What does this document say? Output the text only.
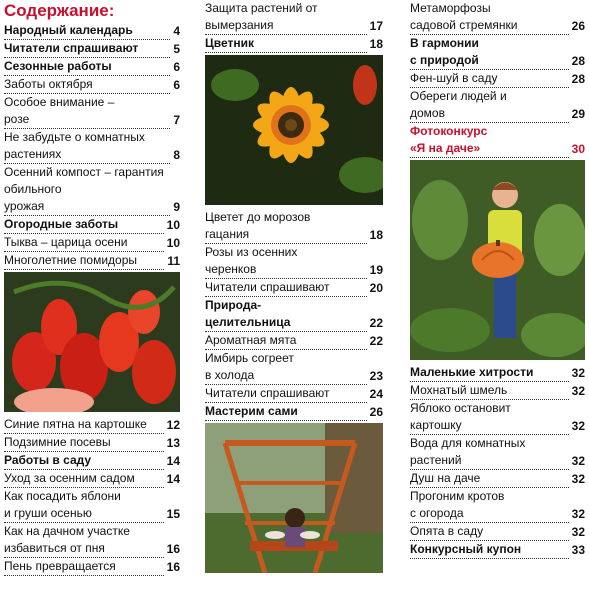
Содержание:
Народный календарь	4
Читатели спрашивают	5
Сезонные работы	6
Заботы октября	6
Особое внимание –
розе	7
Не забудьте о комнатных
растениях	8
Осенний компост – гарантия
обильного
урожая	9
Огородные заботы	10
Тыква – царица осени	10
Многолетние помидоры	11
Синие пятна на картошке	12
Подзимние посевы	13
Работы в саду	14
Уход за осенним садом	14
Как посадить яблони
и груши осенью	15
Как на дачном участке
избавиться от пня	16
Пень превращается	16
Защита растений от
вымерзания	17
Цветник	18
Цветет до морозов
гацания	18
Розы из осенних
черенков	19
Читатели спрашивают	20
Природа-
целительница	22
Ароматная мята	22
Имбирь согреет
в холода	23
Читатели спрашивают	24
Мастерим сами	26
Метаморфозы
садовой стремянки	26
В гармонии
с природой	28
Фен-шуй в саду	28
Обереги людей и
домов	29
Фотоконкурс
«Я на даче»	30
Маленькие хитрости	32
Мохнатый шмель	32
Яблоко остановит
картошку	32
Вода для комнатных
растений	32
Душ на даче	32
Прогоним кротов
с огорода	32
Опята в саду	32
Конкурсный купон	33
